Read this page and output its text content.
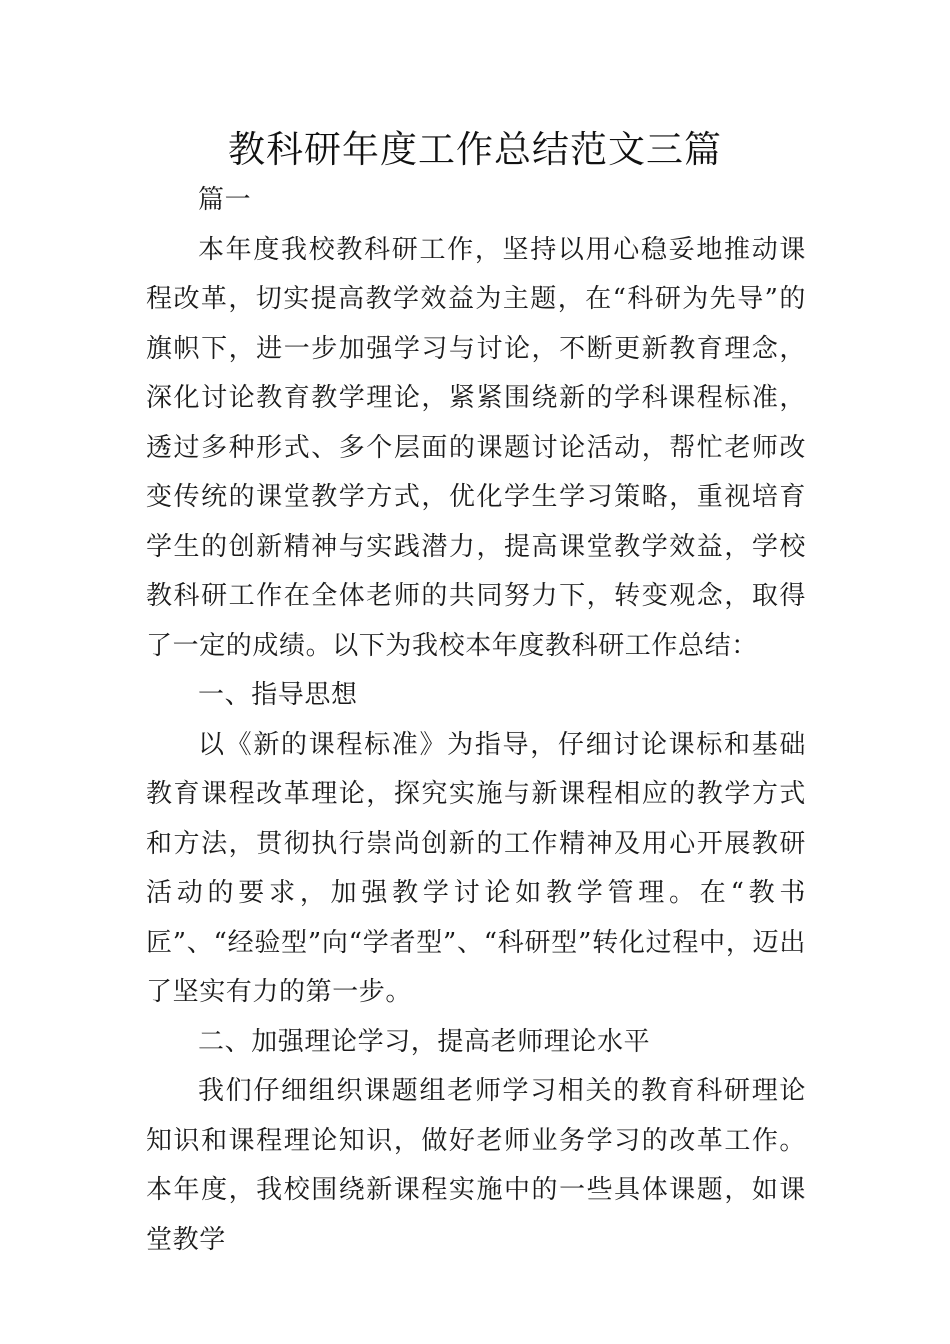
教科研年度工作总结范文三篇

篇一

本年度我校教科研工作，坚持以用心稳妥地推动课程改革，切实提高教学效益为主题，在“科研为先导”的旗帜下，进一步加强学习与讨论，不断更新教育理念，深化讨论教育教学理论，紧紧围绕新的学科课程标准，透过多种形式、多个层面的课题讨论活动，帮忙老师改变传统的课堂教学方式，优化学生学习策略，重视培育学生的创新精神与实践潜力，提高课堂教学效益，学校教科研工作在全体老师的共同努力下，转变观念，取得了一定的成绩。以下为我校本年度教科研工作总结：

一、指导思想

以《新的课程标准》为指导，仔细讨论课标和基础教育课程改革理论，探究实施与新课程相应的教学方式和方法，贯彻执行崇尚创新的工作精神及用心开展教研活动的要求，加强教学讨论如教学管理。在“教书匠”、“经验型”向“学者型”、“科研型”转化过程中，迈出了坚实有力的第一步。

二、加强理论学习，提高老师理论水平

我们仔细组织课题组老师学习相关的教育科研理论知识和课程理论知识，做好老师业务学习的改革工作。本年度，我校围绕新课程实施中的一些具体课题，如课堂教学
